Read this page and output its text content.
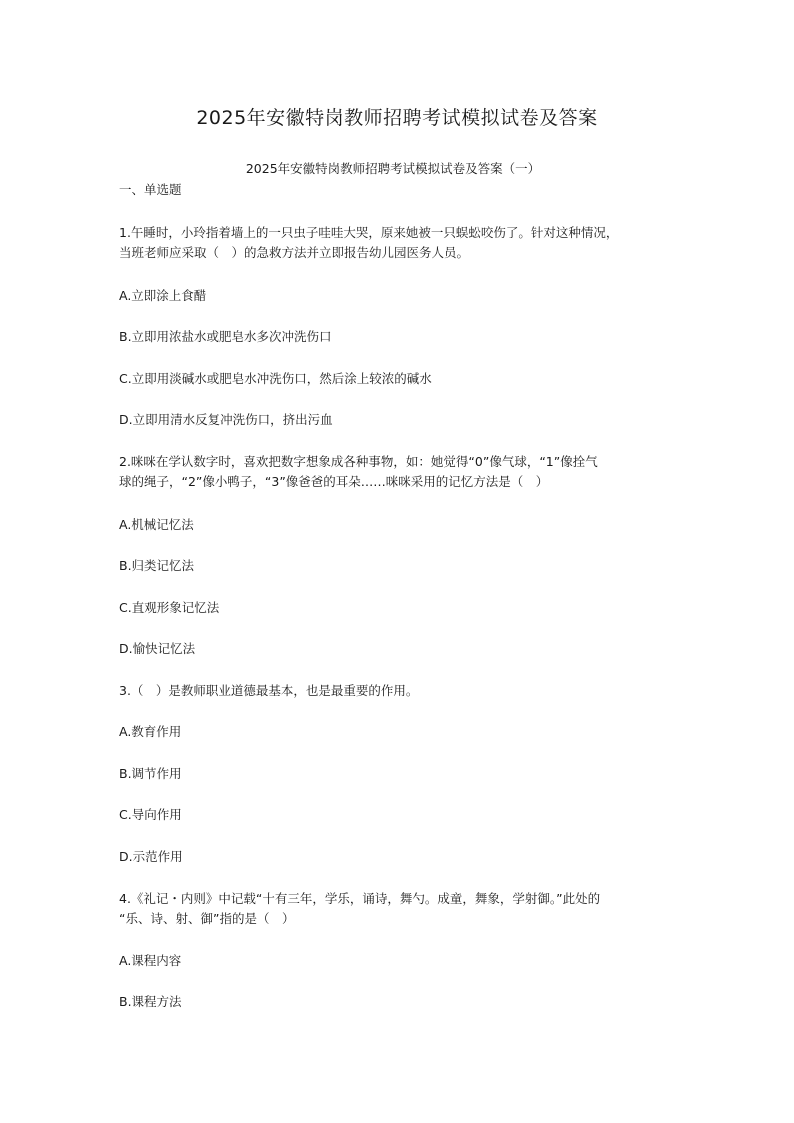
2025年安徽特岗教师招聘考试模拟试卷及答案
2025年安徽特岗教师招聘考试模拟试卷及答案（一）
一、单选题
1.午睡时，小玲指着墙上的一只虫子哇哇大哭，原来她被一只蜈蚣咬伤了。针对这种情况，
当班老师应采取（　）的急救方法并立即报告幼儿园医务人员。
A.立即涂上食醋
B.立即用浓盐水或肥皂水多次冲洗伤口
C.立即用淡碱水或肥皂水冲洗伤口，然后涂上较浓的碱水
D.立即用清水反复冲洗伤口，挤出污血
2.咪咪在学认数字时，喜欢把数字想象成各种事物，如：她觉得“0”像气球，“1”像拴气
球的绳子，“2”像小鸭子，“3”像爸爸的耳朵……咪咪采用的记忆方法是（　）
A.机械记忆法
B.归类记忆法
C.直观形象记忆法
D.愉快记忆法
3.（　）是教师职业道德最基本，也是最重要的作用。
A.教育作用
B.调节作用
C.导向作用
D.示范作用
4.《礼记・内则》中记载“十有三年，学乐，诵诗，舞勺。成童，舞象，学射御。”此处的
“乐、诗、射、御”指的是（　）
A.课程内容
B.课程方法
